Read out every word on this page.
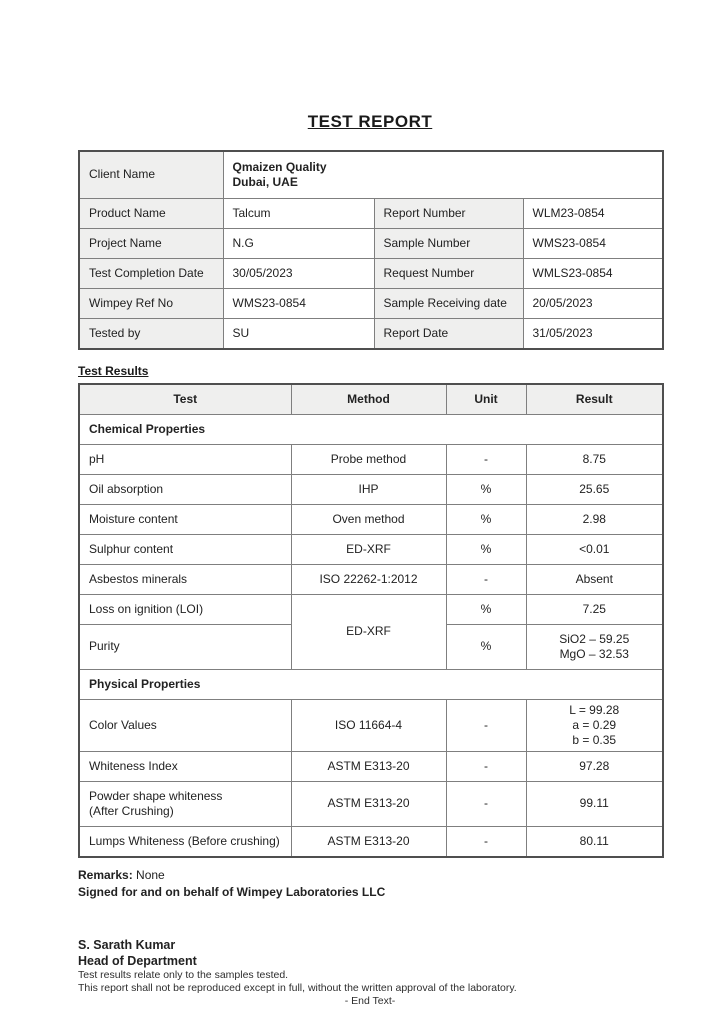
TEST REPORT
Client Name	Qmaizen Quality
Dubai, UAE		

Product Name	Talcum	Report Number	WLM23-0854
Project Name	N.G	Sample Number	WMS23-0854
Test Completion Date	30/05/2023	Request Number	WMLS23-0854
Wimpey Ref No	WMS23-0854	Sample Receiving date	20/05/2023
Tested by	SU	Report Date	31/05/2023
Test Results
Test	Method	Unit	Result
Chemical Properties			
pH	Probe method	-	8.75
Oil absorption	IHP	%	25.65
Moisture content	Oven method	%	2.98
Sulphur content	ED-XRF	%	<0.01
Asbestos minerals	ISO 22262-1:2012	-	Absent
Loss on ignition (LOI)	ED-XRF	%	7.25
Purity		%	SiO2 – 59.25
MgO – 32.53

Physical Properties			
Color Values	ISO 11664-4	-	L = 99.28
a = 0.29
b = 0.35

Whiteness Index	ASTM E313-20	-	97.28

Powder shape whiteness
(After Crushing)	ASTM E313-20	-	99.11
Lumps Whiteness (Before crushing)	ASTM E313-20	-	80.11
Remarks: None
Signed for and on behalf of Wimpey Laboratories LLC
S. Sarath Kumar
Head of Department
Test results relate only to the samples tested.
This report shall not be reproduced except in full, without the written approval of the laboratory.
- End Text-
